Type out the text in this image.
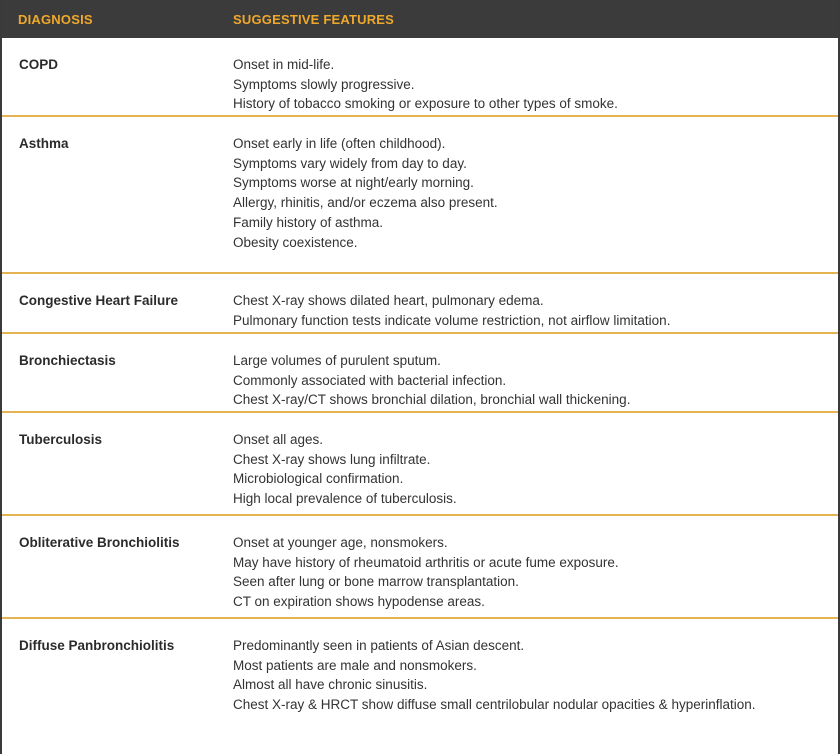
DIAGNOSIS	SUGGESTIVE FEATURES
COPD	Onset in mid-life.
Symptoms slowly progressive.
History of tobacco smoking or exposure to other types of smoke.
Asthma	Onset early in life (often childhood).
Symptoms vary widely from day to day.
Symptoms worse at night/early morning.
Allergy, rhinitis, and/or eczema also present.
Family history of asthma.
Obesity coexistence.
Congestive Heart Failure	Chest X-ray shows dilated heart, pulmonary edema.
Pulmonary function tests indicate volume restriction, not airflow limitation.
Bronchiectasis	Large volumes of purulent sputum.
Commonly associated with bacterial infection.
Chest X-ray/CT shows bronchial dilation, bronchial wall thickening.
Tuberculosis	Onset all ages.
Chest X-ray shows lung infiltrate.
Microbiological confirmation.
High local prevalence of tuberculosis.
Obliterative Bronchiolitis	Onset at younger age, nonsmokers.
May have history of rheumatoid arthritis or acute fume exposure.
Seen after lung or bone marrow transplantation.
CT on expiration shows hypodense areas.
Diffuse Panbronchiolitis	Predominantly seen in patients of Asian descent.
Most patients are male and nonsmokers.
Almost all have chronic sinusitis.
Chest X-ray & HRCT show diffuse small centrilobular nodular opacities & hyperinflation.
